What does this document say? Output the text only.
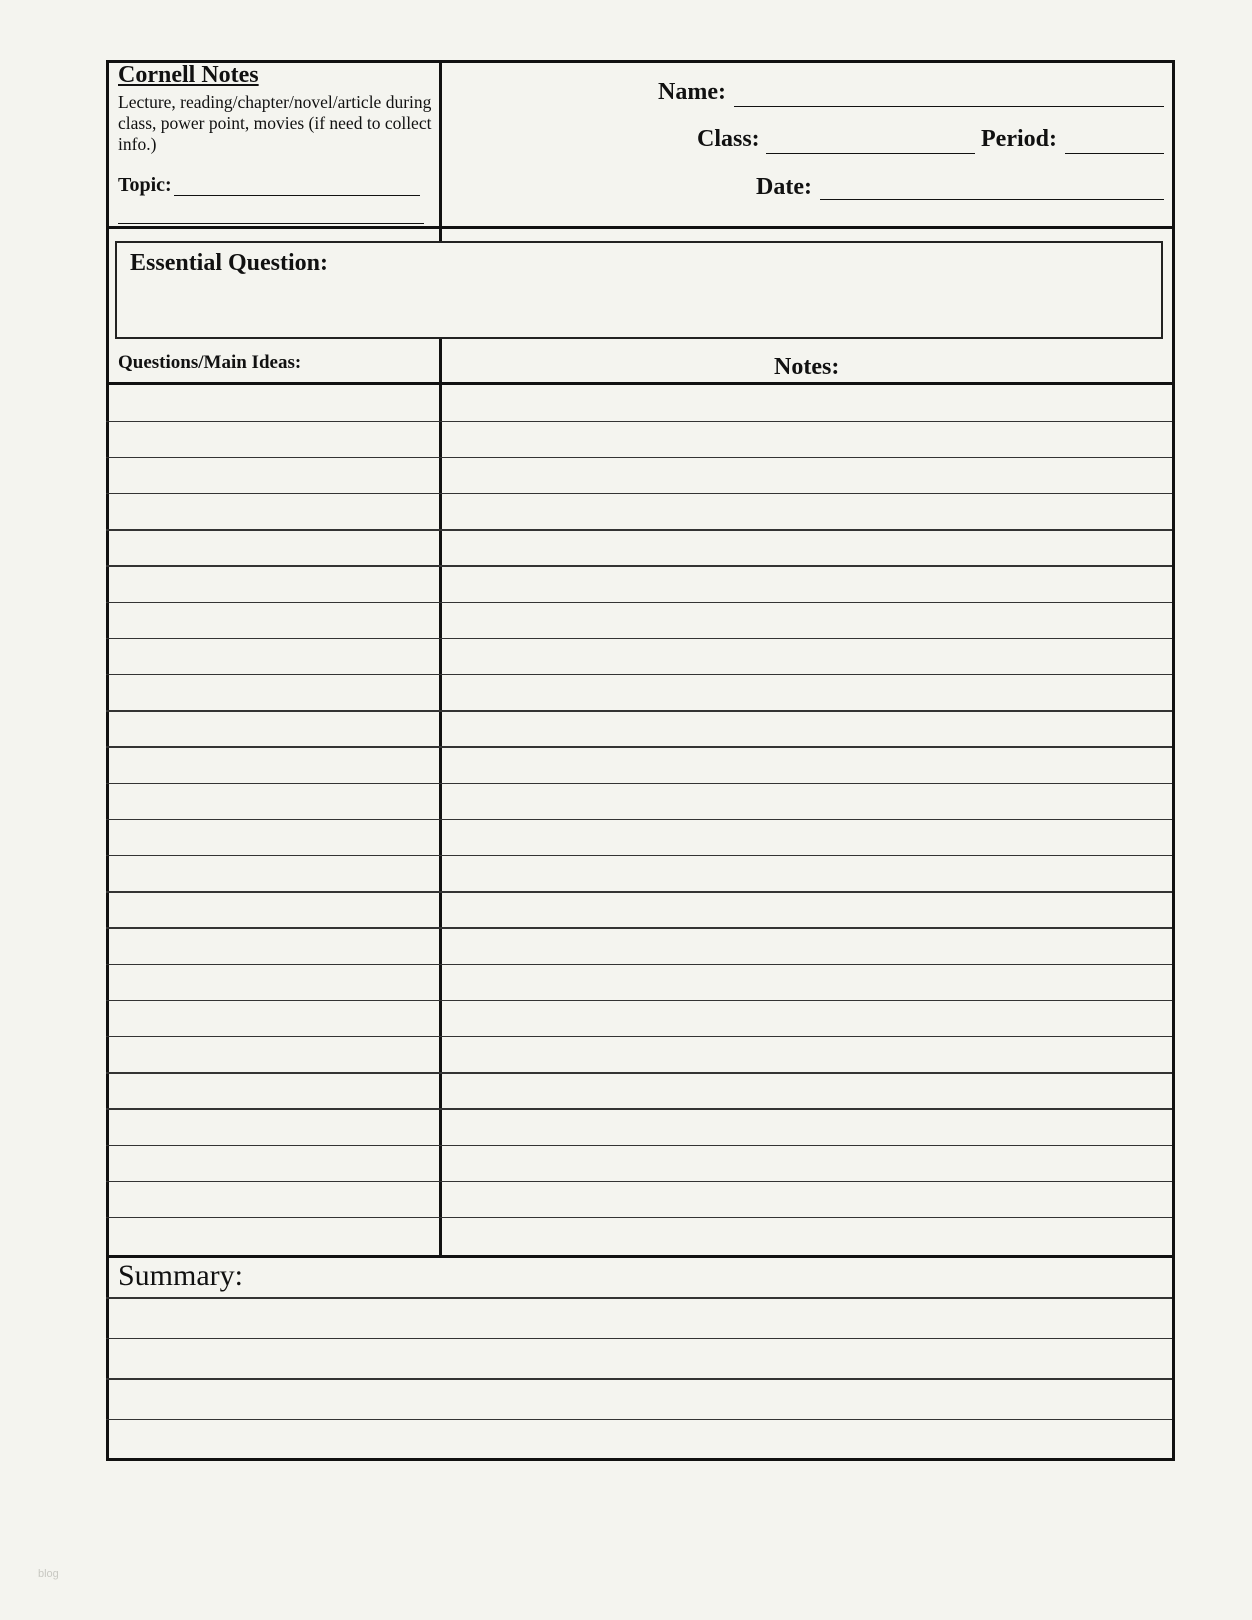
Cornell Notes
Lecture, reading/chapter/novel/article during class, power point, movies (if need to collect info.)
Topic:
Name:
Class:	Period:
Date:
Essential Question:
Questions/Main Ideas:	Notes:
Summary:
blog
